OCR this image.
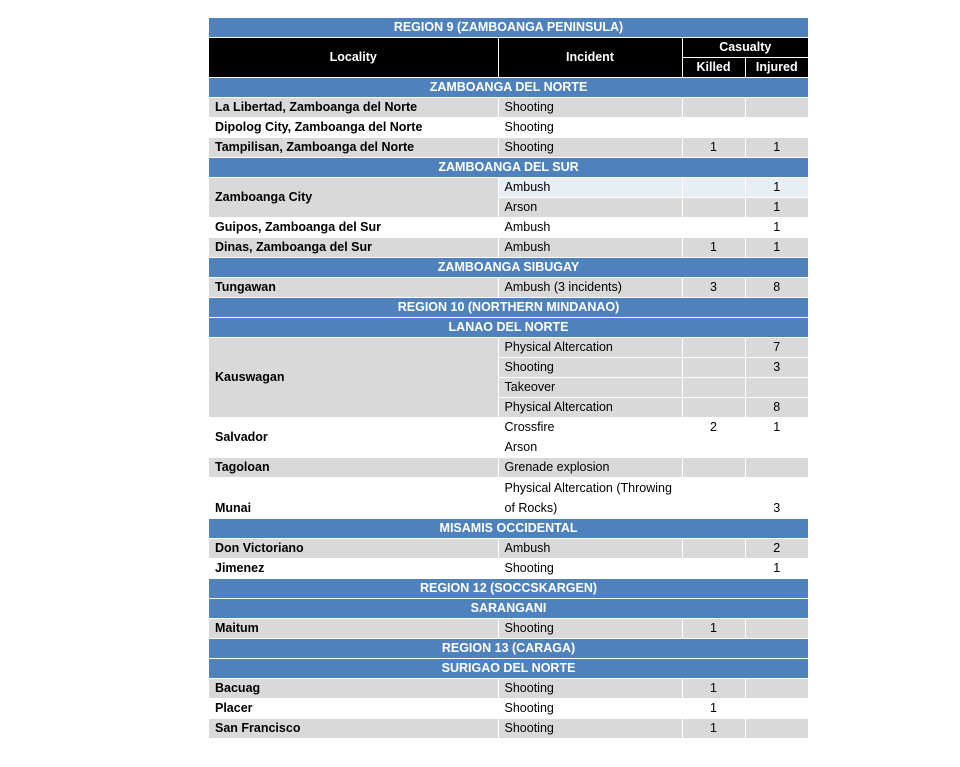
REGION 9 (ZAMBOANGA PENINSULA)			
Locality	Incident	Casualty	
		Killed	Injured
ZAMBOANGA DEL NORTE			
La Libertad, Zamboanga del Norte	Shooting		
Dipolog City, Zamboanga del Norte	Shooting		
Tampilisan, Zamboanga del Norte	Shooting	1	1
ZAMBOANGA DEL SUR			
Zamboanga City	Ambush		1
	Arson		1
Guipos, Zamboanga del Sur	Ambush		1
Dinas, Zamboanga del Sur	Ambush	1	1
ZAMBOANGA SIBUGAY			
Tungawan	Ambush (3 incidents)	3	8
REGION 10 (NORTHERN MINDANAO)			
LANAO DEL NORTE			
Kauswagan	Physical Altercation		7
	Shooting		3
	Takeover		
	Physical Altercation		8
Salvador	Crossfire	2	1
	Arson		
Tagoloan	Grenade explosion		
Munai	Physical Altercation (Throwing of Rocks)		3
MISAMIS OCCIDENTAL			
Don Victoriano	Ambush		2
Jimenez	Shooting		1
REGION 12 (SOCCSKARGEN)			
SARANGANI			
Maitum	Shooting	1	
REGION 13 (CARAGA)			
SURIGAO DEL NORTE			
Bacuag	Shooting	1	
Placer	Shooting	1	
San Francisco	Shooting	1	
